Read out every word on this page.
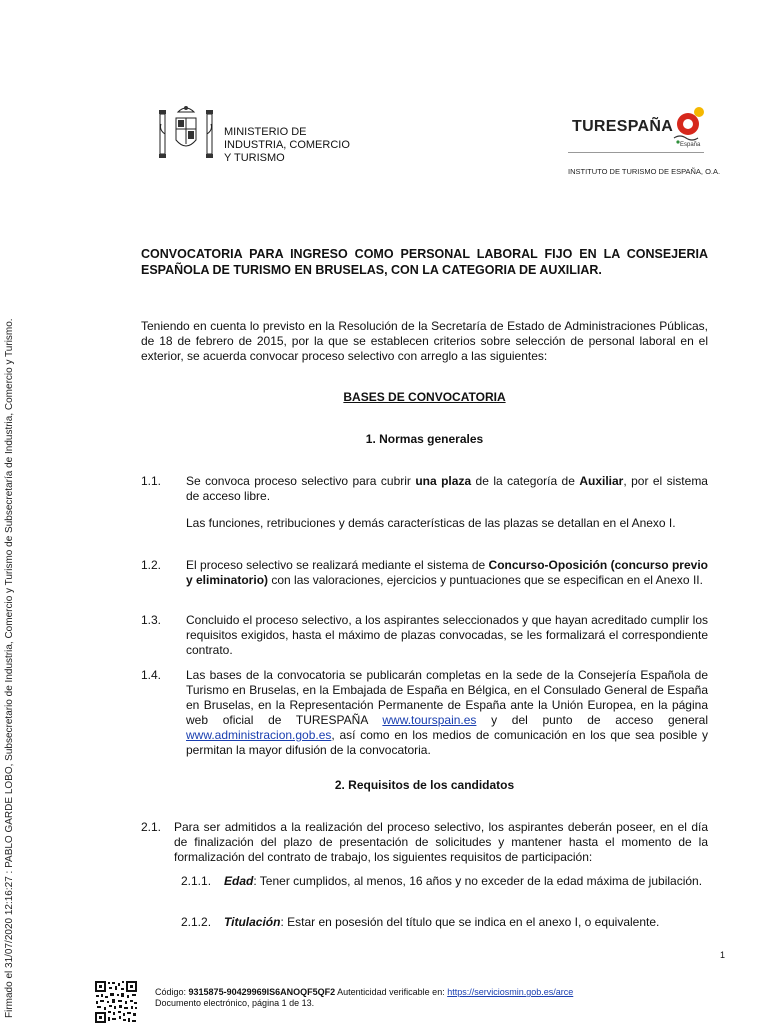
MINISTERIO DE
INDUSTRIA, COMERCIO
Y TURISMO
TURESPAÑA
España
INSTITUTO DE TURISMO DE ESPAÑA, O.A.
Firmado el 31/07/2020 12:16:27 : PABLO GARDE LOBO, Subsecretario de Industria, Comercio y Turismo de Subsecretaría de Industria, Comercio y Turismo.
CONVOCATORIA PARA INGRESO COMO PERSONAL LABORAL FIJO EN LA CONSEJERIA ESPAÑOLA DE TURISMO EN BRUSELAS, CON LA CATEGORIA DE AUXILIAR.
Teniendo en cuenta lo previsto en la Resolución de la Secretaría de Estado de Administraciones Públicas, de 18 de febrero de 2015, por la que se establecen criterios sobre selección de personal laboral en el exterior, se acuerda convocar proceso selectivo con arreglo a las siguientes:
BASES DE CONVOCATORIA
1. Normas generales
1.1. Se convoca proceso selectivo para cubrir una plaza de la categoría de Auxiliar, por el sistema de acceso libre.
Las funciones, retribuciones y demás características de las plazas se detallan en el Anexo I.
1.2. El proceso selectivo se realizará mediante el sistema de Concurso-Oposición (concurso previo y eliminatorio) con las valoraciones, ejercicios y puntuaciones que se especifican en el Anexo II.
1.3. Concluido el proceso selectivo, a los aspirantes seleccionados y que hayan acreditado cumplir los requisitos exigidos, hasta el máximo de plazas convocadas, se les formalizará el correspondiente contrato.
1.4. Las bases de la convocatoria se publicarán completas en la sede de la Consejería Española de Turismo en Bruselas, en la Embajada de España en Bélgica, en el Consulado General de España en Bruselas, en la Representación Permanente de España ante la Unión Europea, en la página web oficial de TURESPAÑA www.tourspain.es y del punto de acceso general www.administracion.gob.es, así como en los medios de comunicación en los que sea posible y permitan la mayor difusión de la convocatoria.
2. Requisitos de los candidatos
2.1. Para ser admitidos a la realización del proceso selectivo, los aspirantes deberán poseer, en el día de finalización del plazo de presentación de solicitudes y mantener hasta el momento de la formalización del contrato de trabajo, los siguientes requisitos de participación:
2.1.1. Edad: Tener cumplidos, al menos, 16 años y no exceder de la edad máxima de jubilación.
2.1.2. Titulación: Estar en posesión del título que se indica en el anexo I, o equivalente.
1
Código: 9315875-90429969IS6ANOQF5QF2 Autenticidad verificable en: https://serviciosmin.gob.es/arce
Documento electrónico, página 1 de 13.
